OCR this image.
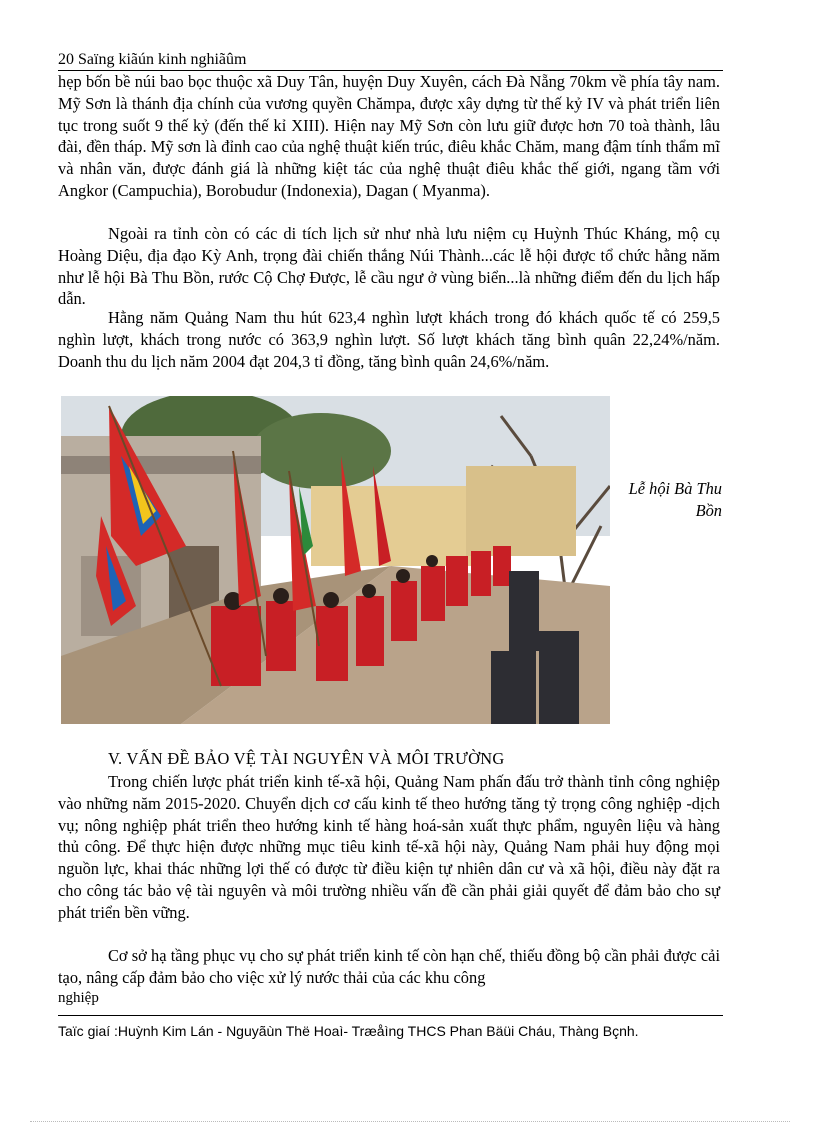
20 Saïng kiãún kinh nghiãûm

hẹp bốn bề núi bao bọc thuộc xã Duy Tân, huyện Duy Xuyên, cách Đà Nẵng 70km về phía tây nam. Mỹ Sơn là thánh địa chính của vương quyền Chămpa, được xây dựng từ thế kỷ IV và phát triển liên tục trong suốt 9 thế kỷ (đến thế kỉ XIII). Hiện nay Mỹ Sơn còn lưu giữ được hơn 70 toà thành, lâu đài, đền tháp. Mỹ sơn là đỉnh cao của nghệ thuật kiến trúc, điêu khắc Chăm, mang đậm tính thẩm mĩ và nhân văn, được đánh giá là những kiệt tác của nghệ thuật điêu khắc thế giới, ngang tầm với Angkor (Campuchia), Borobudur (Indonexia), Dagan ( Myanma).

Ngoài ra tỉnh còn có các di tích lịch sử như nhà lưu niệm cụ Huỳnh Thúc Kháng, mộ cụ Hoàng Diệu, địa đạo Kỳ Anh, trọng đài chiến thắng Núi Thành...các lễ hội được tổ chức hằng năm như lễ hội Bà Thu Bồn, rước Cộ Chợ Được, lễ cầu ngư ở vùng biển...là những điểm đến du lịch hấp dẫn.

Hằng năm Quảng Nam thu hút 623,4 nghìn lượt khách trong đó khách quốc tế có 259,5 nghìn lượt, khách trong nước có 363,9 nghìn lượt. Số lượt khách tăng bình quân 22,24%/năm. Doanh thu du lịch năm 2004 đạt 204,3 tỉ đồng, tăng bình quân 24,6%/năm.

Lễ hội Bà Thu Bồn
V. VẤN ĐỀ BẢO VỆ TÀI NGUYÊN VÀ MÔI TRƯỜNG

Trong chiến lược phát triển kinh tế-xã hội, Quảng Nam phấn đấu trở thành tỉnh công nghiệp vào những năm 2015-2020. Chuyển dịch cơ cấu kinh tế theo hướng tăng tỷ trọng công nghiệp -dịch vụ; nông nghiệp phát triển theo hướng kinh tế hàng hoá-sản xuất thực phẩm, nguyên liệu và hàng thủ công. Để thực hiện được những mục tiêu kinh tế-xã hội này, Quảng Nam phải huy động mọi nguồn lực, khai thác những lợi thế có được từ điều kiện tự nhiên dân cư và xã hội, điều này đặt ra cho công tác bảo vệ tài nguyên và môi trường nhiều vấn đề cần phải giải quyết để đảm bảo cho sự phát triển bền vững.

Cơ sở hạ tầng phục vụ cho sự phát triển kinh tế còn hạn chế, thiếu đồng bộ cần phải được cải tạo, nâng cấp đảm bảo cho việc xử lý nước thải của các khu công

nghiệp
Taïc giaí :Huỳnh Kim Lán - Nguyãùn Thë Hoaì- Træåìng THCS Phan Bäüi Cháu, Thàng Bçnh.
